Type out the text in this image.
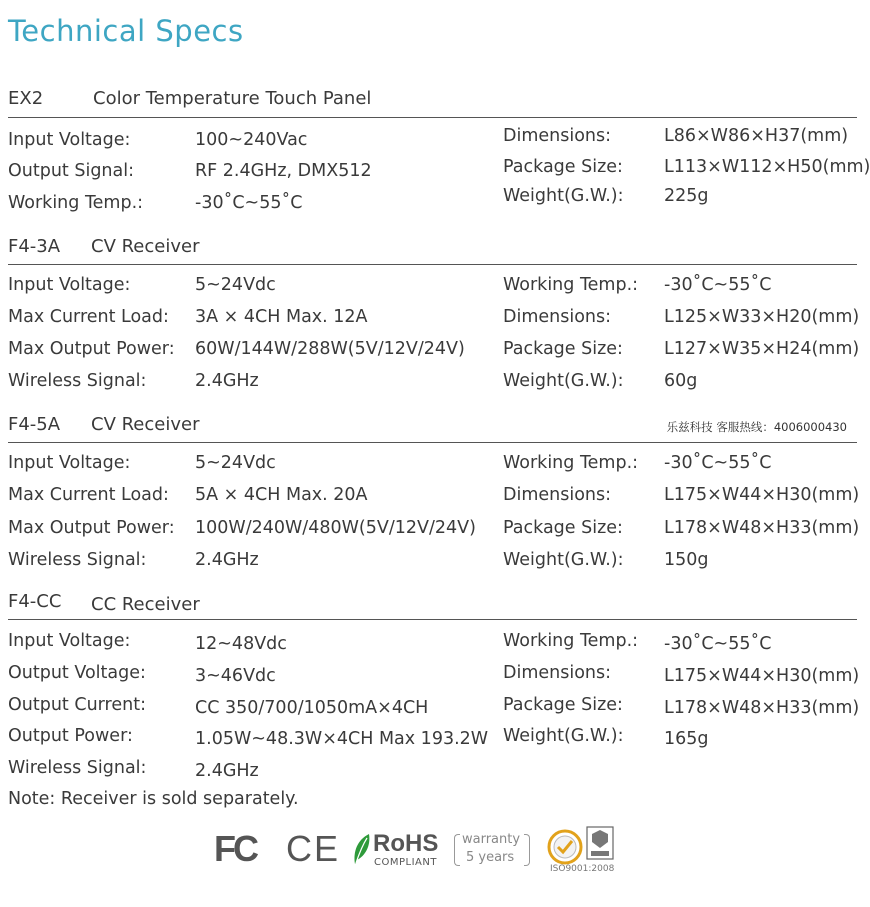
Technical Specs
EX2	Color Temperature Touch Panel
Input Voltage:	100~240Vac
Output Signal:	RF 2.4GHz, DMX512
Working Temp.:	-30˚C~55˚C
Dimensions:	L86×W86×H37(mm)
Package Size: L113×W112×H50(mm)
Weight(G.W.): 225g
F4-3A CV Receiver
Input Voltage:	5~24Vdc
Max Current Load: 3A × 4CH Max. 12A
Max Output Power: 60W/144W/288W(5V/12V/24V)
Wireless Signal:	2.4GHz
Working Temp.: -30˚C~55˚C
Dimensions:	L125×W33×H20(mm)
Package Size: L127×W35×H24(mm)
Weight(G.W.): 60g
F4-5A CV Receiver	乐兹科技 客服热线：4006000430
Input Voltage:	5~24Vdc
Max Current Load: 5A × 4CH Max. 20A
Max Output Power: 100W/240W/480W(5V/12V/24V)
Wireless Signal:	2.4GHz
Working Temp.: -30˚C~55˚C
Dimensions:	L175×W44×H30(mm)
Package Size: L178×W48×H33(mm)
Weight(G.W.): 150g
F4-CC CC Receiver
Input Voltage:	12~48Vdc
Output Voltage:	3~46Vdc
Output Current:	CC 350/700/1050mA×4CH
Output Power:	1.05W~48.3W×4CH Max 193.2W
Wireless Signal:	2.4GHz
Working Temp.: -30˚C~55˚C
Dimensions:	L175×W44×H30(mm)
Package Size: L178×W48×H33(mm)
Weight(G.W.): 165g
Note: Receiver is sold separately.
FC CE RoHS
COMPLIANT
warranty
5 years
ISO9001:2008
